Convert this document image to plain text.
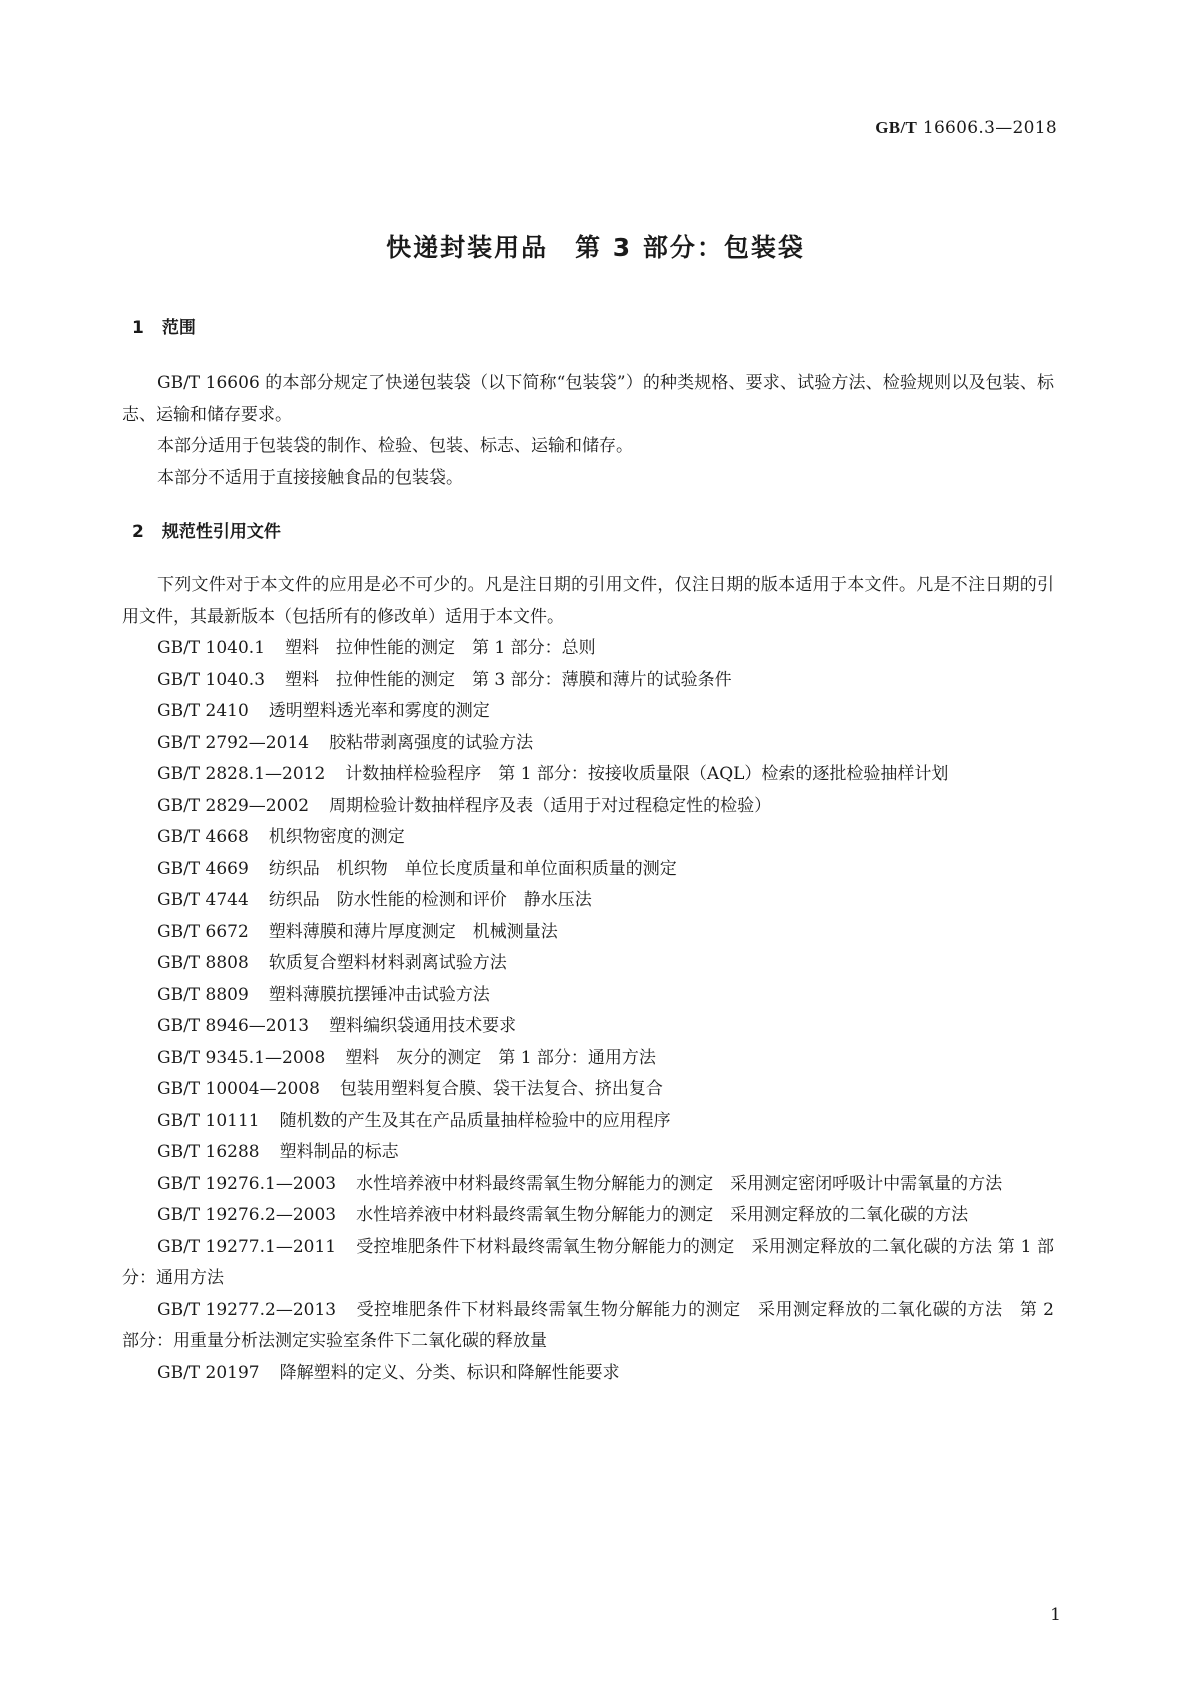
GB/T 16606.3—2018
快递封装用品　第 3 部分：包装袋
1 范围

GB/T 16606 的本部分规定了快递包装袋（以下简称“包装袋”）的种类规格、要求、试验方法、检验规则以及包装、标志、运输和储存要求。

本部分适用于包装袋的制作、检验、包装、标志、运输和储存。

本部分不适用于直接接触食品的包装袋。

2 规范性引用文件

下列文件对于本文件的应用是必不可少的。凡是注日期的引用文件，仅注日期的版本适用于本文件。凡是不注日期的引用文件，其最新版本（包括所有的修改单）适用于本文件。

GB/T 1040.1 塑料　拉伸性能的测定　第 1 部分：总则

GB/T 1040.3 塑料　拉伸性能的测定　第 3 部分：薄膜和薄片的试验条件

GB/T 2410 透明塑料透光率和雾度的测定

GB/T 2792—2014 胶粘带剥离强度的试验方法

GB/T 2828.1—2012 计数抽样检验程序　第 1 部分：按接收质量限（AQL）检索的逐批检验抽样计划

GB/T 2829—2002 周期检验计数抽样程序及表（适用于对过程稳定性的检验）

GB/T 4668 机织物密度的测定

GB/T 4669 纺织品　机织物　单位长度质量和单位面积质量的测定

GB/T 4744 纺织品　防水性能的检测和评价　静水压法

GB/T 6672 塑料薄膜和薄片厚度测定　机械测量法

GB/T 8808 软质复合塑料材料剥离试验方法

GB/T 8809 塑料薄膜抗摆锤冲击试验方法

GB/T 8946—2013 塑料编织袋通用技术要求

GB/T 9345.1—2008 塑料　灰分的测定　第 1 部分：通用方法

GB/T 10004—2008 包装用塑料复合膜、袋干法复合、挤出复合

GB/T 10111 随机数的产生及其在产品质量抽样检验中的应用程序

GB/T 16288 塑料制品的标志

GB/T 19276.1—2003 水性培养液中材料最终需氧生物分解能力的测定　采用测定密闭呼吸计中需氧量的方法

GB/T 19276.2—2003 水性培养液中材料最终需氧生物分解能力的测定　采用测定释放的二氧化碳的方法

GB/T 19277.1—2011 受控堆肥条件下材料最终需氧生物分解能力的测定　采用测定释放的二氧化碳的方法 第 1 部分：通用方法

GB/T 19277.2—2013 受控堆肥条件下材料最终需氧生物分解能力的测定　采用测定释放的二氧化碳的方法　第 2 部分：用重量分析法测定实验室条件下二氧化碳的释放量

GB/T 20197 降解塑料的定义、分类、标识和降解性能要求

1
